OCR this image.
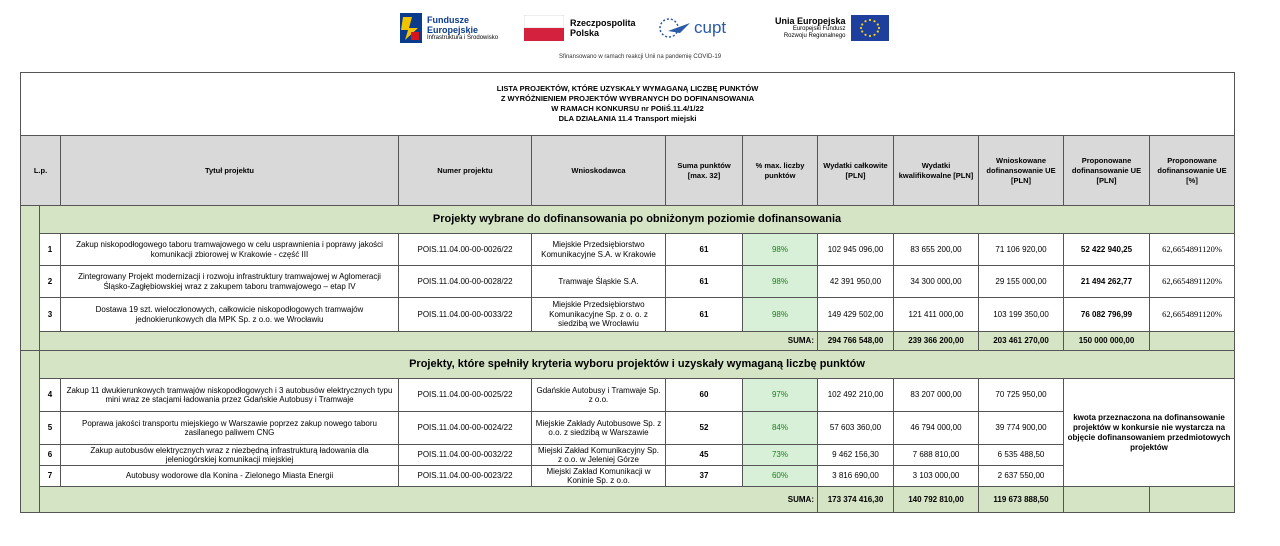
Fundusze
Europejskie
Infrastruktura i Środowisko
Rzeczpospolita
Polska	cupt	Unia Europejska
Europejski Fundusz
Rozwoju Regionalnego
Sfinansowano w ramach reakcji Unii na pandemię COVID-19
LISTA PROJEKTÓW, KTÓRE UZYSKAŁY WYMAGANĄ LICZBĘ PUNKTÓW
Z WYRÓŻNIENIEM PROJEKTÓW WYBRANYCH DO DOFINANSOWANIA
W RAMACH KONKURSU nr POIiŚ.11.4/1/22
DLA DZIAŁANIA 11.4 Transport miejski											

L.p.		Tytuł projektu	Numer projektu	Wnioskodawca	Suma punktów [max. 32]	% max. liczby punktów	Wydatki całkowite [PLN]	Wydatki kwalifikowalne [PLN]	Wnioskowane dofinansowanie UE [PLN]	Proponowane dofinansowanie UE [PLN]	Proponowane dofinansowanie UE [%]
	Projekty wybrane do dofinansowania po obniżonym poziomie dofinansowania										
	1	Zakup niskopodłogowego taboru tramwajowego w celu usprawnienia i poprawy jakości komunikacji zbiorowej w Krakowie - część III	POIS.11.04.00-00-0026/22	Miejskie Przedsiębiorstwo Komunikacyjne S.A. w Krakowie	61	98%	102 945 096,00	83 655 200,00	71 106 920,00	52 422 940,25	62,6654891120%
	2	Zintegrowany Projekt modernizacji i rozwoju infrastruktury tramwajowej w Aglomeracji Śląsko-Zagłębiowskiej wraz z zakupem taboru tramwajowego – etap IV	POIS.11.04.00-00-0028/22	Tramwaje Śląskie S.A.	61	98%	42 391 950,00	34 300 000,00	29 155 000,00	21 494 262,77	62,6654891120%
	3	Dostawa 19 szt. wieloczłonowych, całkowicie niskopodłogowych tramwajów jednokierunkowych dla MPK Sp. z o.o. we Wrocławiu	POIS.11.04.00-00-0033/22	Miejskie Przedsiębiorstwo Komunikacyjne Sp. z o. o. z siedzibą we Wrocławiu	61	98%	149 429 502,00	121 411 000,00	103 199 350,00	76 082 796,99	62,6654891120%
	SUMA:						294 766 548,00	239 366 200,00	203 461 270,00	150 000 000,00	
	Projekty, które spełniły kryteria wyboru projektów i uzyskały wymaganą liczbę punktów										
	4	Zakup 11 dwukierunkowych tramwajów niskopodłogowych i 3 autobusów elektrycznych typu mini wraz ze stacjami ładowania przez Gdańskie Autobusy i Tramwaje	POIS.11.04.00-00-0025/22	Gdańskie Autobusy i Tramwaje Sp. z o.o.	60	97%	102 492 210,00	83 207 000,00	70 725 950,00	kwota przeznaczona na dofinansowanie projektów w konkursie nie wystarcza na objęcie dofinansowaniem przedmiotowych projektów	
	5	Poprawa jakości transportu miejskiego w Warszawie poprzez zakup nowego taboru zasilanego paliwem CNG	POIS.11.04.00-00-0024/22	Miejskie Zakłady Autobusowe Sp. z o.o. z siedzibą w Warszawie	52	84%	57 603 360,00	46 794 000,00	39 774 900,00		
	6	Zakup autobusów elektrycznych wraz z niezbędną infrastrukturą ładowania dla jeleniogórskiej komunikacji miejskiej	POIS.11.04.00-00-0032/22	Miejski Zakład Komunikacyjny Sp. z o.o. w Jeleniej Górze	45	73%	9 462 156,30	7 688 810,00	6 535 488,50		
	7	Autobusy wodorowe dla Konina - Zielonego Miasta Energii	POIS.11.04.00-00-0023/22	Miejski Zakład Komunikacji w Koninie Sp. z o.o.	37	60%	3 816 690,00	3 103 000,00	2 637 550,00		
	SUMA:						173 374 416,30	140 792 810,00	119 673 888,50		
